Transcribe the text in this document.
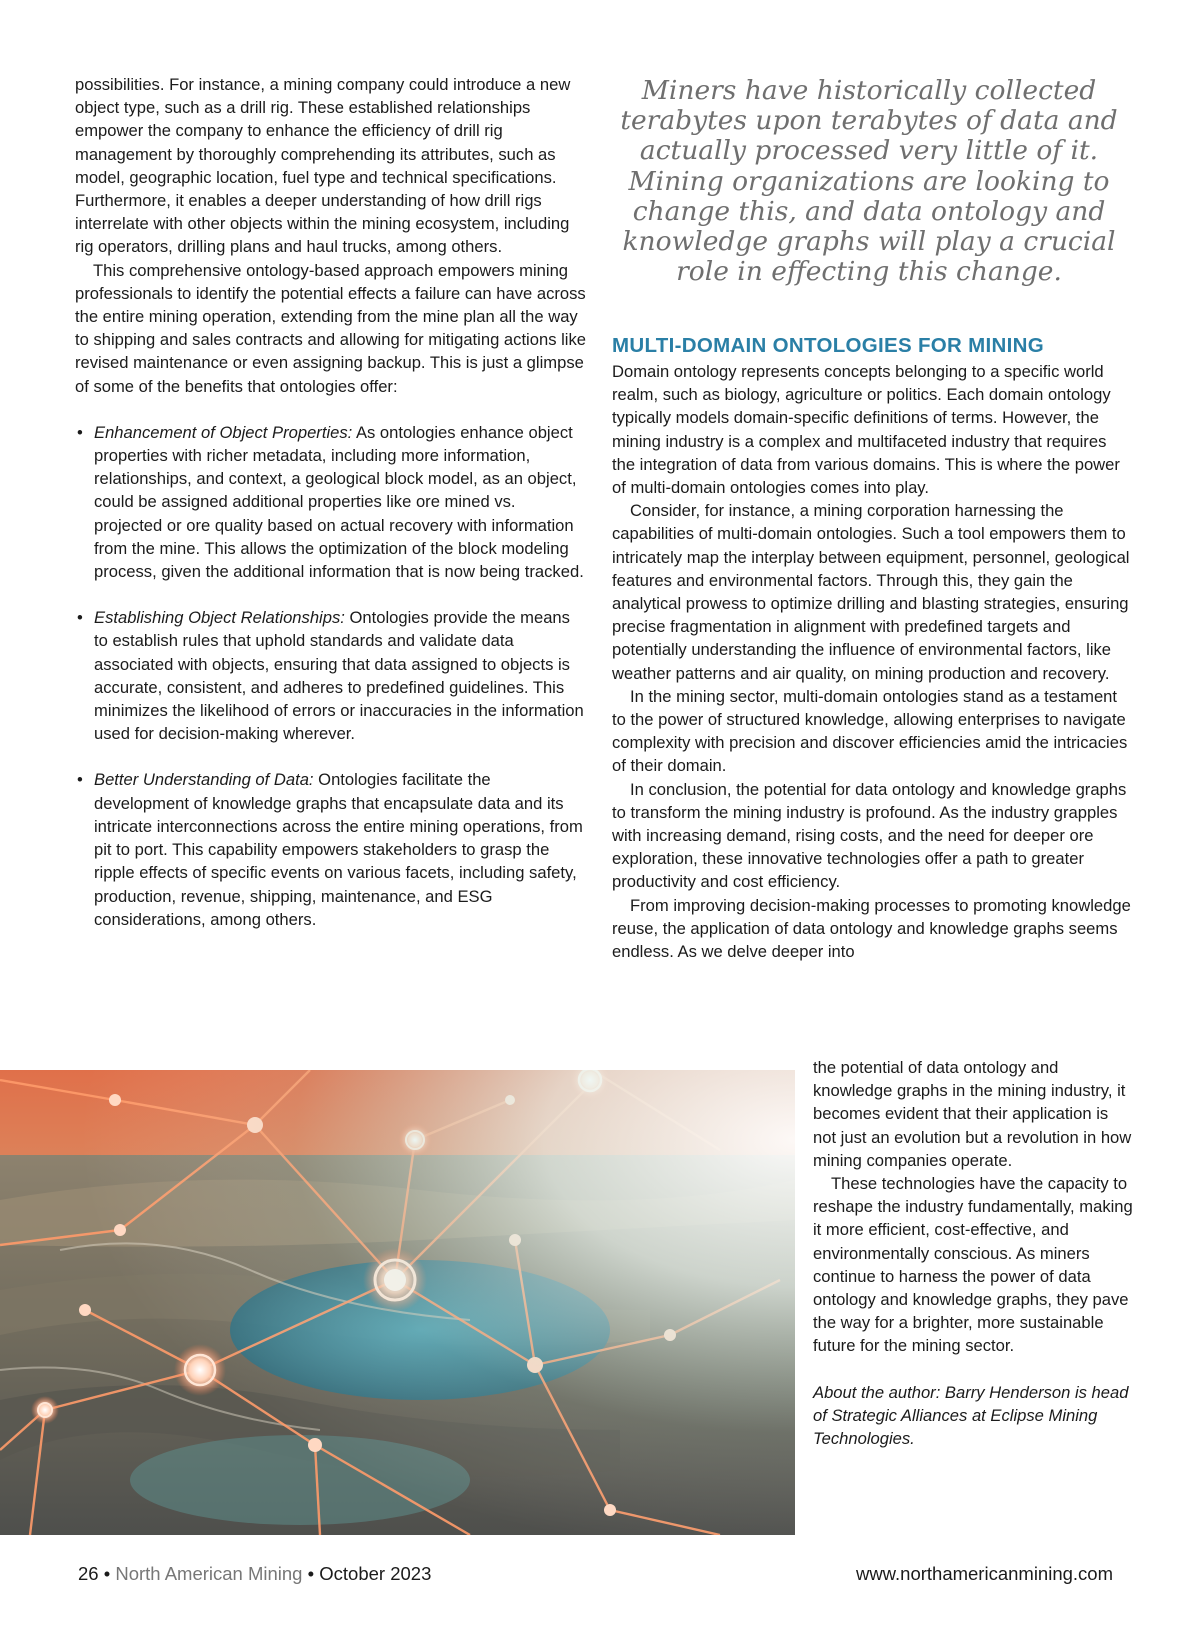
possibilities. For instance, a mining company could introduce a new object type, such as a drill rig. These established relationships empower the company to enhance the efficiency of drill rig management by thoroughly comprehending its attributes, such as model, geographic location, fuel type and technical specifications. Furthermore, it enables a deeper understanding of how drill rigs interrelate with other objects within the mining ecosystem, including rig operators, drilling plans and haul trucks, among others.

This comprehensive ontology-based approach empowers mining professionals to identify the potential effects a failure can have across the entire mining operation, extending from the mine plan all the way to shipping and sales contracts and allowing for mitigating actions like revised maintenance or even assigning backup. This is just a glimpse of some of the benefits that ontologies offer:

• Enhancement of Object Properties: As ontologies enhance object properties with richer metadata, including more information, relationships, and context, a geological block model, as an object, could be assigned additional properties like ore mined vs. projected or ore quality based on actual recovery with information from the mine. This allows the optimization of the block modeling process, given the additional information that is now being tracked.

• Establishing Object Relationships: Ontologies provide the means to establish rules that uphold standards and validate data associated with objects, ensuring that data assigned to objects is accurate, consistent, and adheres to predefined guidelines. This minimizes the likelihood of errors or inaccuracies in the information used for decision-making wherever.

• Better Understanding of Data: Ontologies facilitate the development of knowledge graphs that encapsulate data and its intricate interconnections across the entire mining operations, from pit to port. This capability empowers stakeholders to grasp the ripple effects of specific events on various facets, including safety, production, revenue, shipping, maintenance, and ESG considerations, among others.

Miners have historically collected terabytes upon terabytes of data and actually processed very little of it. Mining organizations are looking to change this, and data ontology and knowledge graphs will play a crucial role in effecting this change.

MULTI-DOMAIN ONTOLOGIES FOR MINING

Domain ontology represents concepts belonging to a specific world realm, such as biology, agriculture or politics. Each domain ontology typically models domain-specific definitions of terms. However, the mining industry is a complex and multifaceted industry that requires the integration of data from various domains. This is where the power of multi-domain ontologies comes into play.

Consider, for instance, a mining corporation harnessing the capabilities of multi-domain ontologies. Such a tool empowers them to intricately map the interplay between equipment, personnel, geological features and environmental factors. Through this, they gain the analytical prowess to optimize drilling and blasting strategies, ensuring precise fragmentation in alignment with predefined targets and potentially understanding the influence of environmental factors, like weather patterns and air quality, on mining production and recovery.

In the mining sector, multi-domain ontologies stand as a testament to the power of structured knowledge, allowing enterprises to navigate complexity with precision and discover efficiencies amid the intricacies of their domain.

In conclusion, the potential for data ontology and knowledge graphs to transform the mining industry is profound. As the industry grapples with increasing demand, rising costs, and the need for deeper ore exploration, these innovative technologies offer a path to greater productivity and cost efficiency.

From improving decision-making processes to promoting knowledge reuse, the application of data ontology and knowledge graphs seems endless. As we delve deeper into

the potential of data ontology and knowledge graphs in the mining industry, it becomes evident that their application is not just an evolution but a revolution in how mining companies operate.

These technologies have the capacity to reshape the industry fundamentally, making it more efficient, cost-effective, and environmentally conscious. As miners continue to harness the power of data ontology and knowledge graphs, they pave the way for a brighter, more sustainable future for the mining sector.

About the author: Barry Henderson is head of Strategic Alliances at Eclipse Mining Technologies.

26 • North American Mining • October 2023	www.northamericanmining.com
